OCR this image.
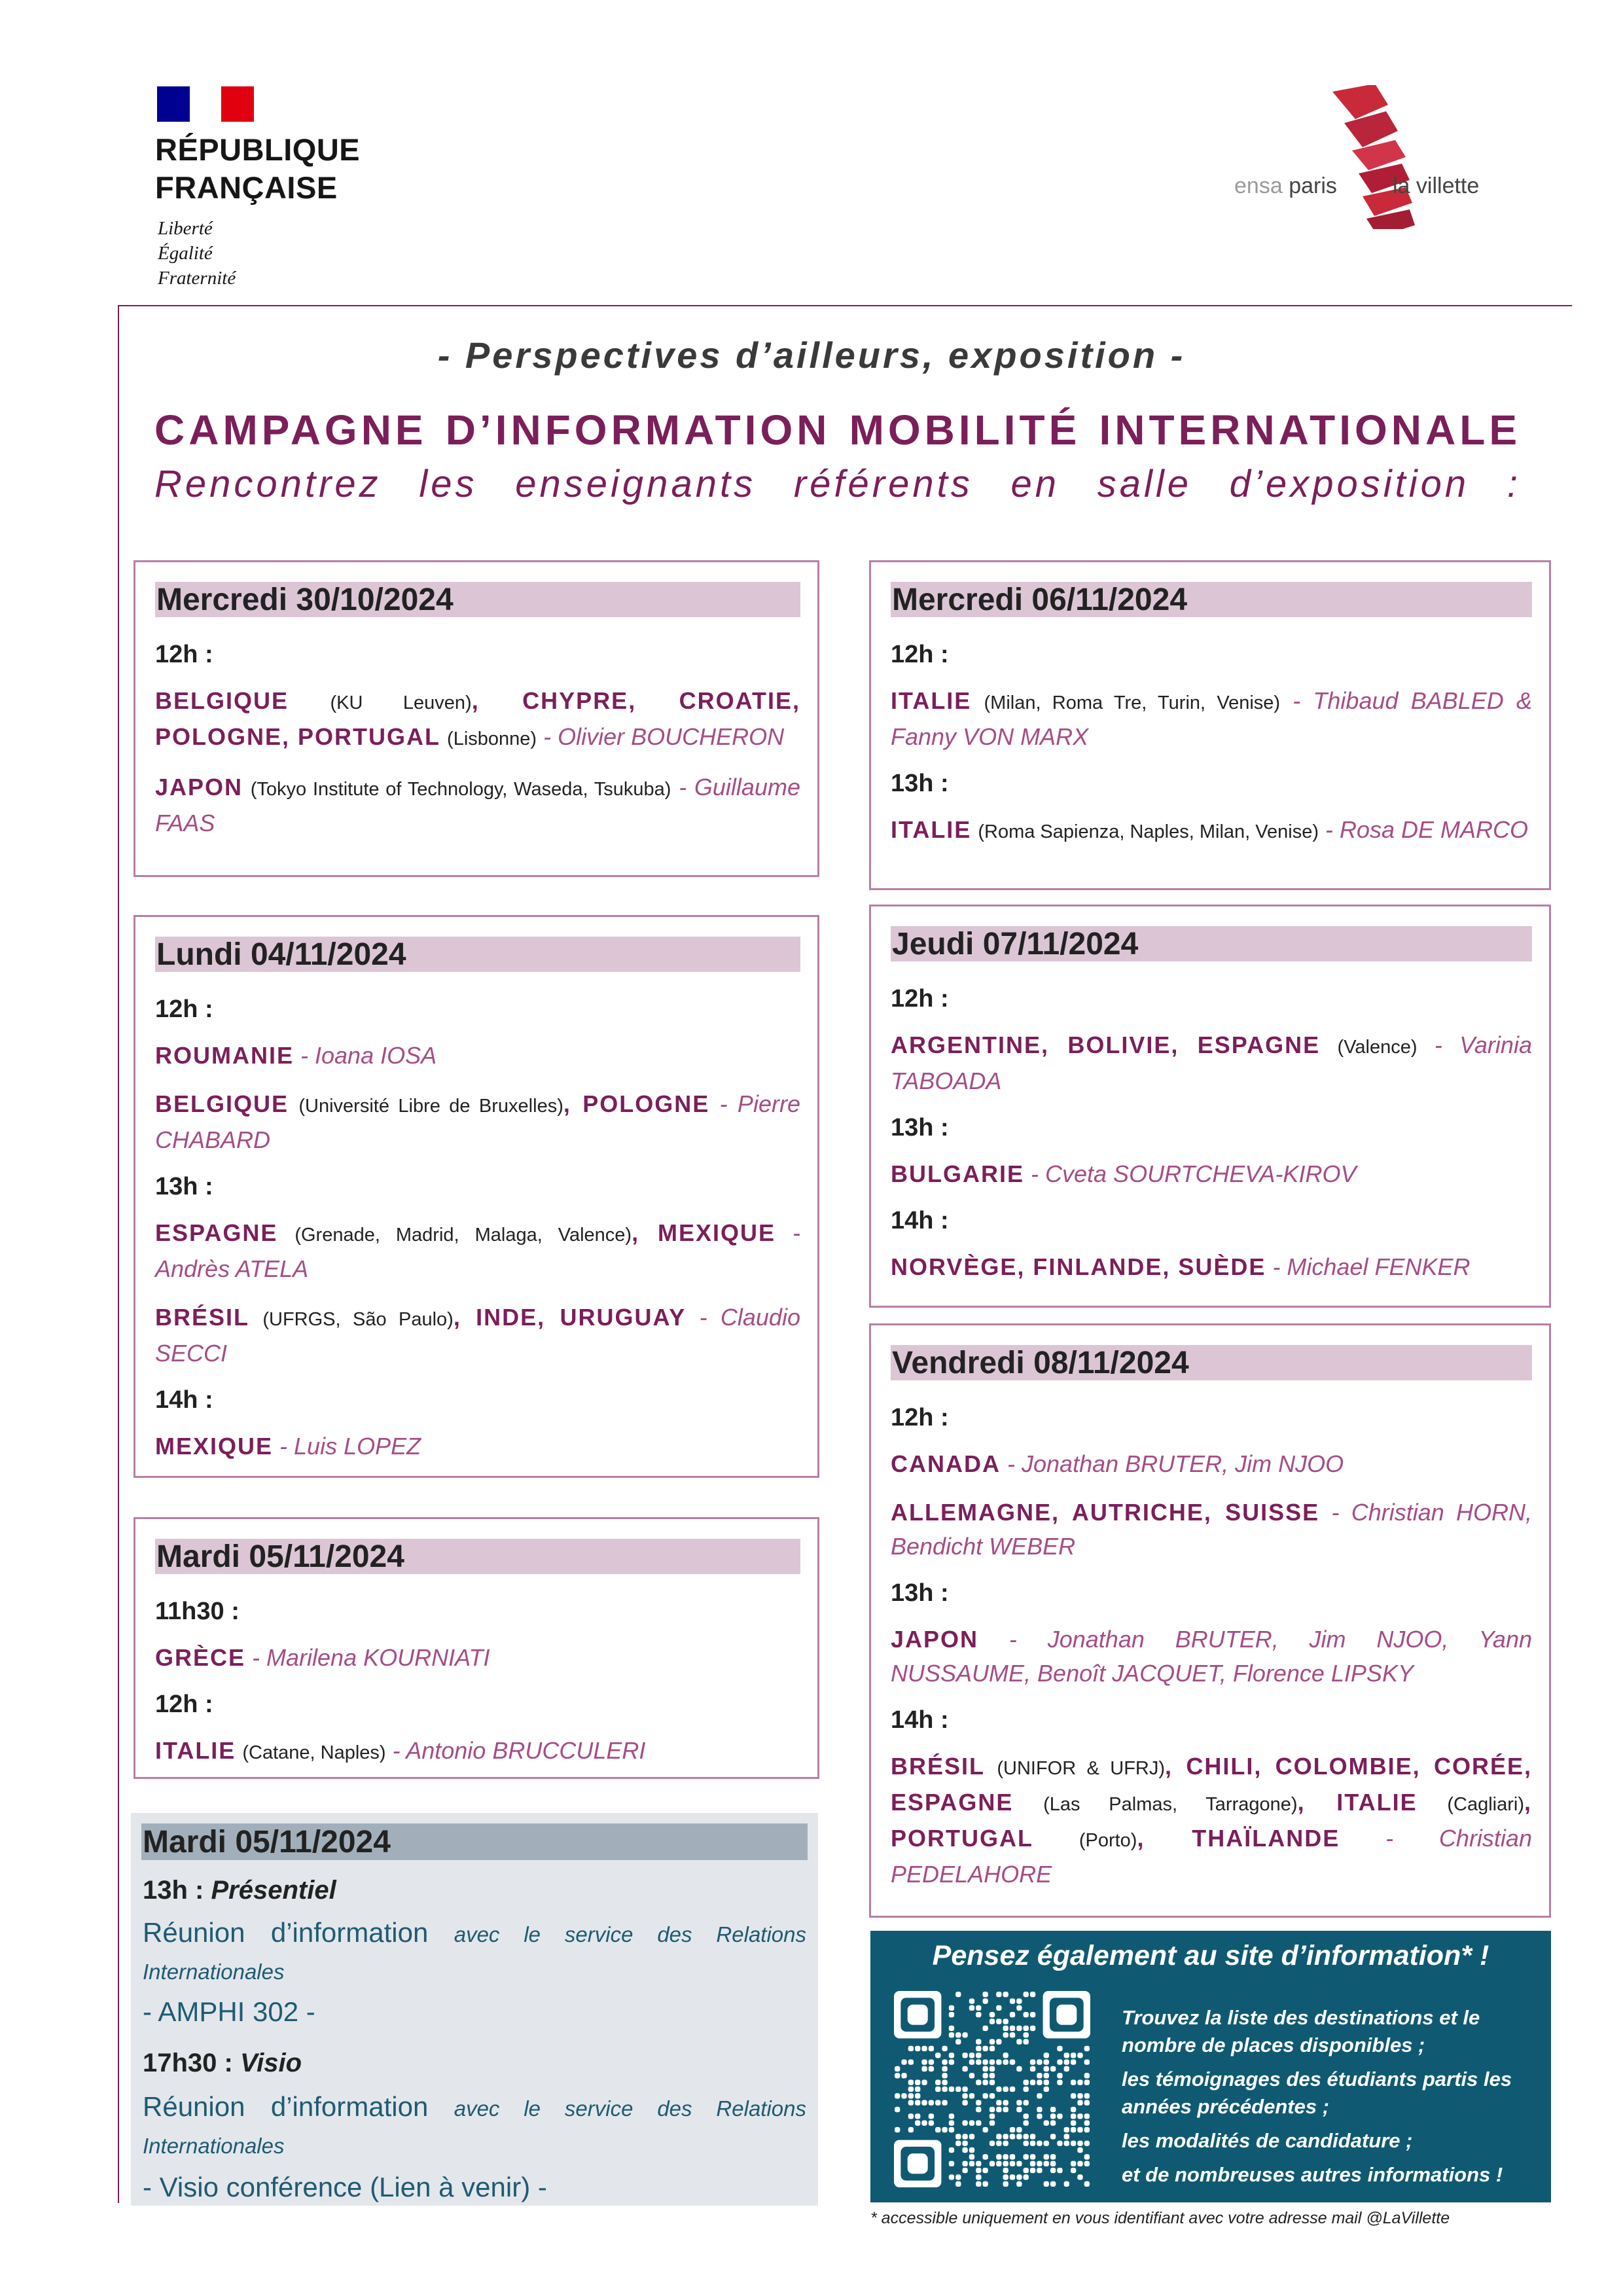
RÉPUBLIQUE
FRANÇAISE
Liberté
Égalité
Fraternité
ensa paris	la villette
- Perspectives d’ailleurs, exposition -
CAMPAGNE D’INFORMATION MOBILITÉ INTERNATIONALE
Rencontrez les enseignants référents en salle d’exposition :
Mercredi 30/10/2024
12h :
BELGIQUE (KU Leuven), CHYPRE, CROATIE, POLOGNE, PORTUGAL (Lisbonne) - Olivier BOUCHERON
JAPON (Tokyo Institute of Technology, Waseda, Tsukuba) - Guillaume FAAS
Lundi 04/11/2024
12h :
ROUMANIE - Ioana IOSA
BELGIQUE (Université Libre de Bruxelles), POLOGNE - Pierre CHABARD
13h :
ESPAGNE (Grenade, Madrid, Malaga, Valence), MEXIQUE - Andrès ATELA
BRÉSIL (UFRGS, São Paulo), INDE, URUGUAY - Claudio SECCI
14h :
MEXIQUE - Luis LOPEZ
Mardi 05/11/2024
11h30 :
GRÈCE - Marilena KOURNIATI
12h :
ITALIE (Catane, Naples) - Antonio BRUCCULERI
Mardi 05/11/2024
13h : Présentiel
Réunion d’information avec le service des Relations Internationales
- AMPHI 302 -
17h30 : Visio
Réunion d’information avec le service des Relations Internationales
- Visio conférence (Lien à venir) -
Mercredi 06/11/2024
12h :
ITALIE (Milan, Roma Tre, Turin, Venise) - Thibaud BABLED & Fanny VON MARX
13h :
ITALIE (Roma Sapienza, Naples, Milan, Venise) - Rosa DE MARCO
Jeudi 07/11/2024
12h :
ARGENTINE, BOLIVIE, ESPAGNE (Valence) - Varinia TABOADA
13h :
BULGARIE - Cveta SOURTCHEVA-KIROV
14h :
NORVÈGE, FINLANDE, SUÈDE - Michael FENKER
Vendredi 08/11/2024
12h :
CANADA - Jonathan BRUTER, Jim NJOO
ALLEMAGNE, AUTRICHE, SUISSE - Christian HORN, Bendicht WEBER
13h :
JAPON - Jonathan BRUTER, Jim NJOO, Yann NUSSAUME, Benoît JACQUET, Florence LIPSKY
14h :
BRÉSIL (UNIFOR & UFRJ), CHILI, COLOMBIE, CORÉE, ESPAGNE (Las Palmas, Tarragone), ITALIE (Cagliari), PORTUGAL (Porto), THAÏLANDE - Christian PEDELAHORE
Pensez également au site d’information* !

Trouvez la liste des destinations et le nombre de places disponibles ;

les témoignages des étudiants partis les années précédentes ;

les modalités de candidature ;

et de nombreuses autres informations !

* accessible uniquement en vous identifiant avec votre adresse mail @LaVillette
